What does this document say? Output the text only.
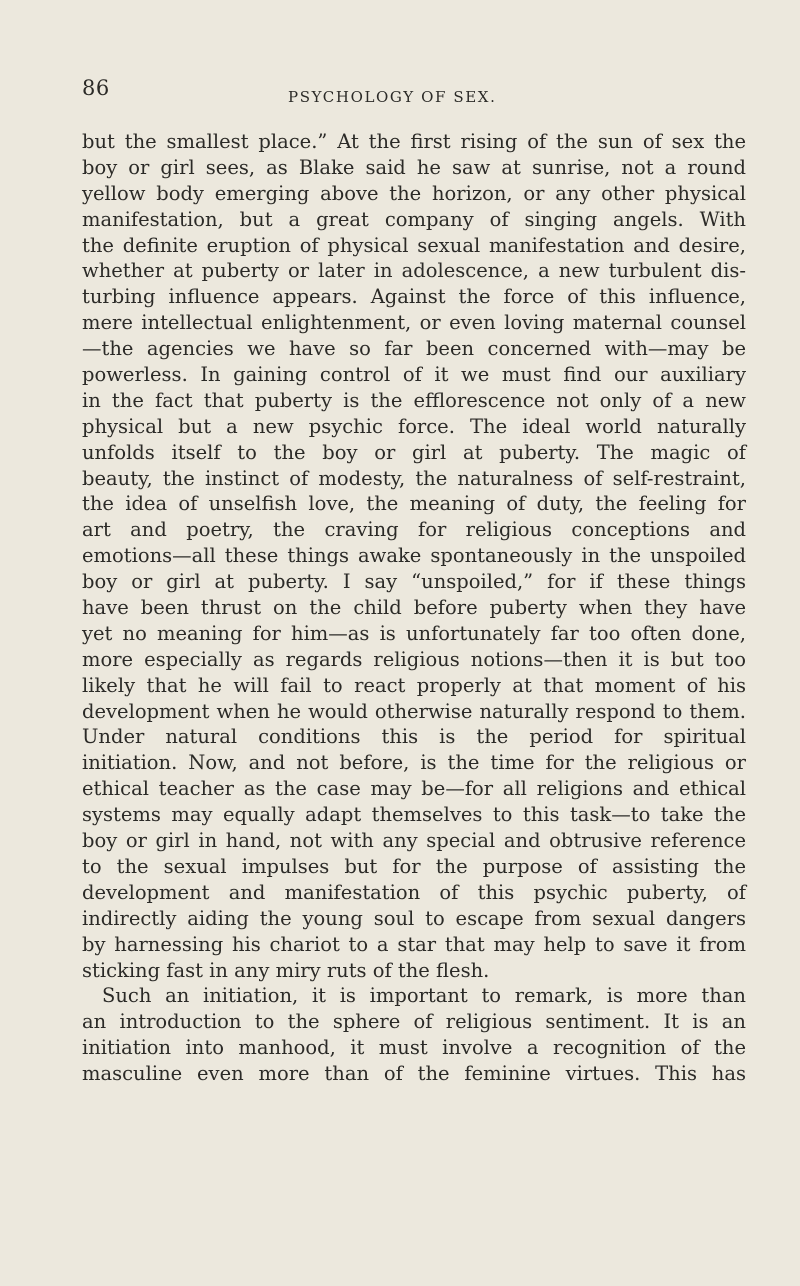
86	PSYCHOLOGY OF SEX.
but the smallest place.” At the first rising of the sun of sex the
boy or girl sees, as Blake said he saw at sunrise, not a round
yellow body emerging above the horizon, or any other physical
manifestation, but a great company of singing angels. With
the definite eruption of physical sexual manifestation and desire,
whether at puberty or later in adolescence, a new turbulent dis-
turbing influence appears. Against the force of this influence,
mere intellectual enlightenment, or even loving maternal counsel
—the agencies we have so far been concerned with—may be
powerless. In gaining control of it we must find our auxiliary
in the fact that puberty is the efflorescence not only of a new
physical but a new psychic force. The ideal world naturally
unfolds itself to the boy or girl at puberty. The magic of
beauty, the instinct of modesty, the naturalness of self-restraint,
the idea of unselfish love, the meaning of duty, the feeling for
art and poetry, the craving for religious conceptions and
emotions—all these things awake spontaneously in the unspoiled
boy or girl at puberty. I say “unspoiled,” for if these things
have been thrust on the child before puberty when they have
yet no meaning for him—as is unfortunately far too often done,
more especially as regards religious notions—then it is but too
likely that he will fail to react properly at that moment of his
development when he would otherwise naturally respond to them.
Under natural conditions this is the period for spiritual
initiation. Now, and not before, is the time for the religious or
ethical teacher as the case may be—for all religions and ethical
systems may equally adapt themselves to this task—to take the
boy or girl in hand, not with any special and obtrusive reference
to the sexual impulses but for the purpose of assisting the
development and manifestation of this psychic puberty, of
indirectly aiding the young soul to escape from sexual dangers
by harnessing his chariot to a star that may help to save it from
sticking fast in any miry ruts of the flesh.
Such an initiation, it is important to remark, is more than
an introduction to the sphere of religious sentiment. It is an
initiation into manhood, it must involve a recognition of the
masculine even more than of the feminine virtues. This has
